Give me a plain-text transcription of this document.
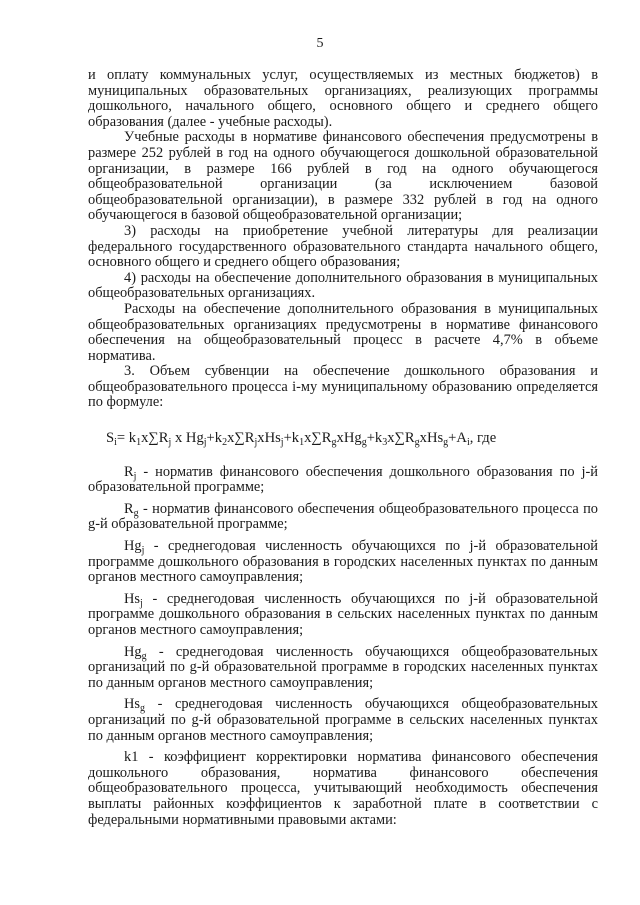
5

и оплату коммунальных услуг, осуществляемых из местных бюджетов) в муниципальных образовательных организациях, реализующих программы дошкольного, начального общего, основного общего и среднего общего образования (далее - учебные расходы).

Учебные расходы в нормативе финансового обеспечения предусмотрены в размере 252 рублей в год на одного обучающегося дошкольной образовательной организации, в размере 166 рублей в год на одного обучающегося общеобразовательной организации (за исключением базовой общеобразовательной организации), в размере 332 рублей в год на одного обучающегося в базовой общеобразовательной организации;

3) расходы на приобретение учебной литературы для реализации федерального государственного образовательного стандарта начального общего, основного общего и среднего общего образования;

4) расходы на обеспечение дополнительного образования в муниципальных общеобразовательных организациях.

Расходы на обеспечение дополнительного образования в муниципальных общеобразовательных организациях предусмотрены в нормативе финансового обеспечения на общеобразовательный процесс в расчете 4,7% в объеме норматива.

3. Объем субвенции на обеспечение дошкольного образования и общеобразовательного процесса i-му муниципальному образованию определяется по формуле:

$S_i= k_1x\sum R_j$ x $Hg_j+k_2x\sum R_jxHs_j+k_1x\sum R_gxHg_g+k_3x\sum R_gxHs_g+A_i$, где

$R_j$ - норматив финансового обеспечения дошкольного образования по j-й образовательной программе;

$R_g$ - норматив финансового обеспечения общеобразовательного процесса по g-й образовательной программе;

$Hg_j$ - среднегодовая численность обучающихся по j-й образовательной программе дошкольного образования в городских населенных пунктах по данным органов местного самоуправления;

$Hs_j$ - среднегодовая численность обучающихся по j-й образовательной программе дошкольного образования в сельских населенных пунктах по данным органов местного самоуправления;

$Hg_g$ - среднегодовая численность обучающихся общеобразовательных организаций по g-й образовательной программе в городских населенных пунктах по данным органов местного самоуправления;

$Hs_g$ - среднегодовая численность обучающихся общеобразовательных организаций по g-й образовательной программе в сельских населенных пунктах по данным органов местного самоуправления;

k1 - коэффициент корректировки норматива финансового обеспечения дошкольного образования, норматива финансового обеспечения общеобразовательного процесса, учитывающий необходимость обеспечения выплаты районных коэффициентов к заработной плате в соответствии с федеральными нормативными правовыми актами:
